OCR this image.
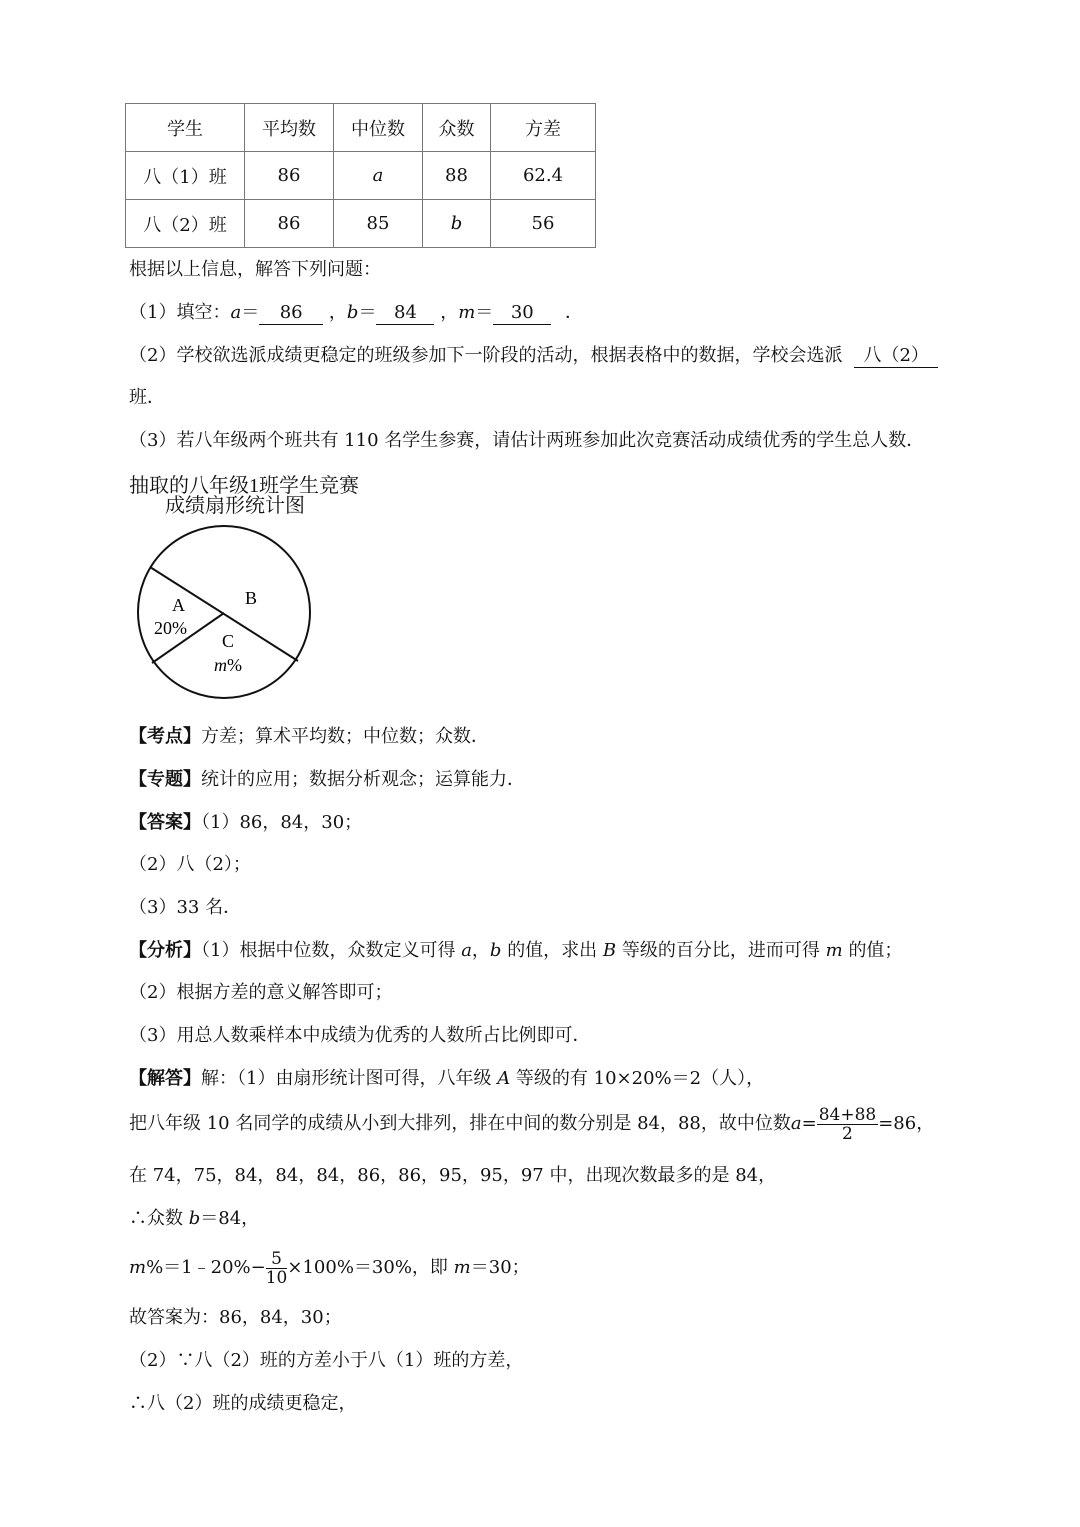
学生	平均数	中位数	众数	方差
八（1）班	86	a	88	62.4
八（2）班	86	85	b	56
根据以上信息，解答下列问题：
（1）填空：a＝ 86 ，b＝ 84 ，m＝ 30 ．
（2）学校欲选派成绩更稳定的班级参加下一阶段的活动，根据表格中的数据，学校会选派 八（2）
班．
（3）若八年级两个班共有 110 名学生参赛，请估计两班参加此次竞赛活动成绩优秀的学生总人数．
抽取的八年级1班学生竞赛
成绩扇形统计图
A
20%
B
C
m%
【考点】方差；算术平均数；中位数；众数．
【专题】统计的应用；数据分析观念；运算能力．
【答案】（1）86，84，30；
（2）八（2）；
（3）33 名．
【分析】（1）根据中位数，众数定义可得 a，b 的值，求出 B 等级的百分比，进而可得 m 的值；
（2）根据方差的意义解答即可；
（3）用总人数乘样本中成绩为优秀的人数所占比例即可．
【解答】解：（1）由扇形统计图可得，八年级 A 等级的有 10×20%＝2（人），
把八年级 10 名同学的成绩从小到大排列，排在中间的数分别是 84，88，故中位数$a= \frac{84+88}{2} =86$，
在 74，75，84，84，84，86，86，95，95，97 中，出现次数最多的是 84，
∴众数 b＝84，
m%＝1﹣20%− $\frac{5}{10} \times 100\%=30\%$，即 m＝30；
故答案为：86，84，30；
（2）∵八（2）班的方差小于八（1）班的方差，
∴八（2）班的成绩更稳定，
